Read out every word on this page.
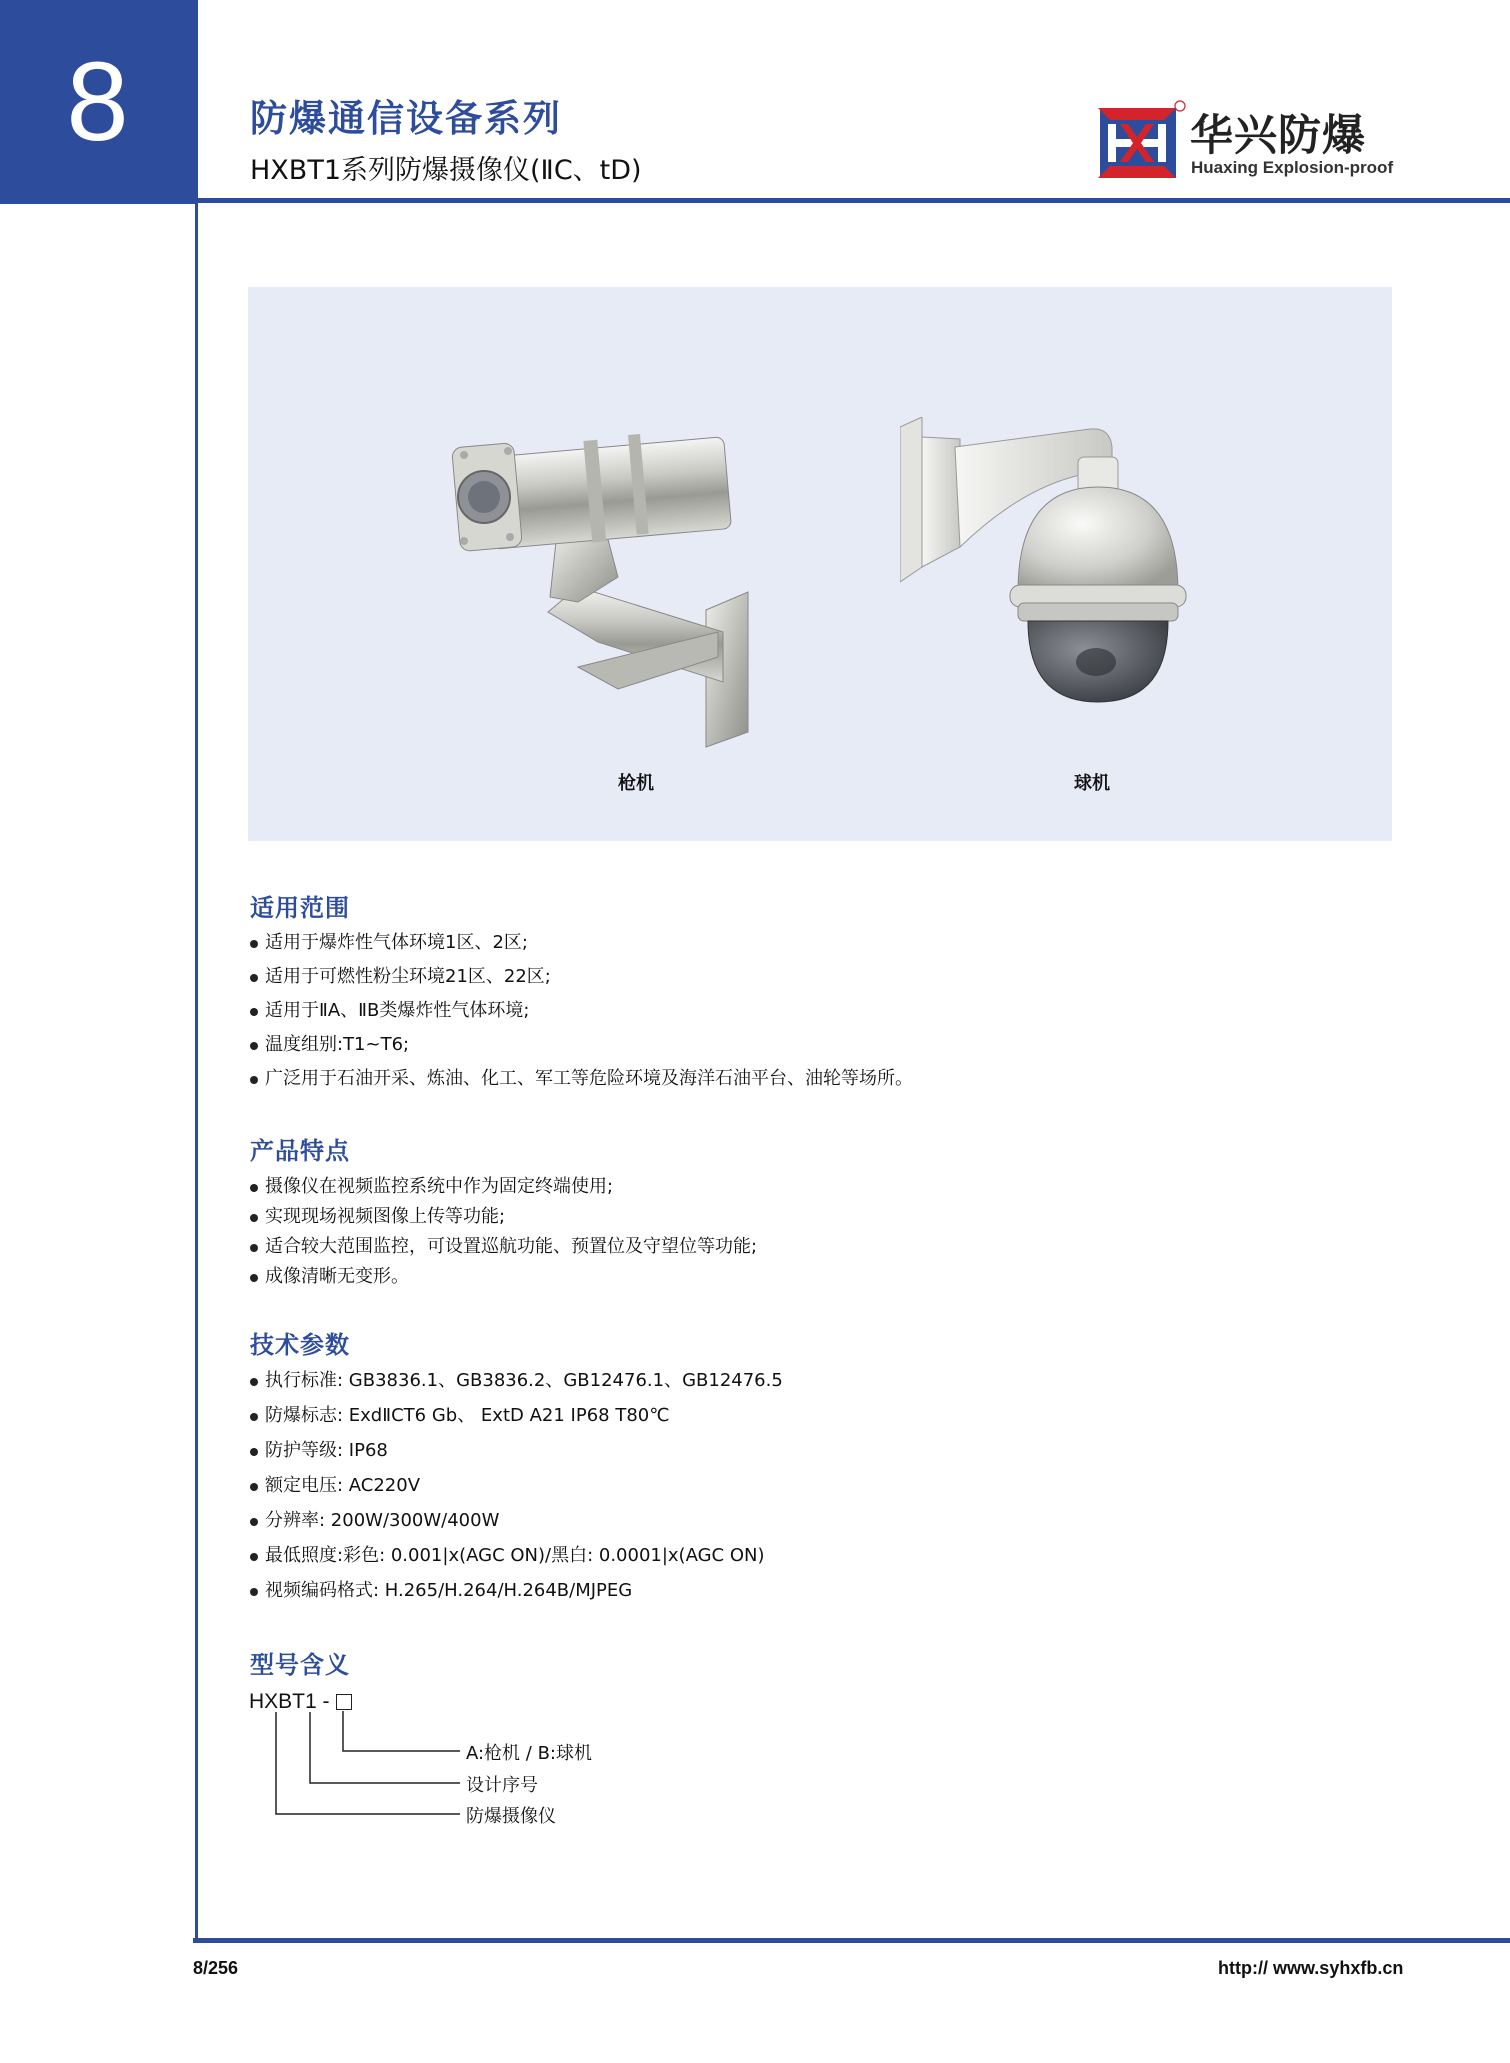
8	防爆通信设备系列
HXBT1系列防爆摄像仪(ⅡC、tD)
华兴防爆
Huaxing Explosion-proof
枪机	球机
适用范围
适用于爆炸性气体环境1区、2区;
适用于可燃性粉尘环境21区、22区;
适用于ⅡA、ⅡB类爆炸性气体环境;
温度组别:T1~T6;
广泛用于石油开采、炼油、化工、军工等危险环境及海洋石油平台、油轮等场所。
产品特点
摄像仪在视频监控系统中作为固定终端使用;
实现现场视频图像上传等功能;
适合较大范围监控，可设置巡航功能、预置位及守望位等功能;
成像清晰无变形。
技术参数
执行标准: GB3836.1、GB3836.2、GB12476.1、GB12476.5
防爆标志: ExdⅡCT6 Gb、 ExtD A21 IP68 T80℃
防护等级: IP68
额定电压: AC220V
分辨率: 200W/300W/400W
最低照度:彩色: 0.001|x(AGC ON)/黑白: 0.0001|x(AGC ON)
视频编码格式: H.265/H.264/H.264B/MJPEG
型号含义
HXBT1 -
A:枪机 / B:球机
设计序号
防爆摄像仪
8/256	http:// www.syhxfb.cn
